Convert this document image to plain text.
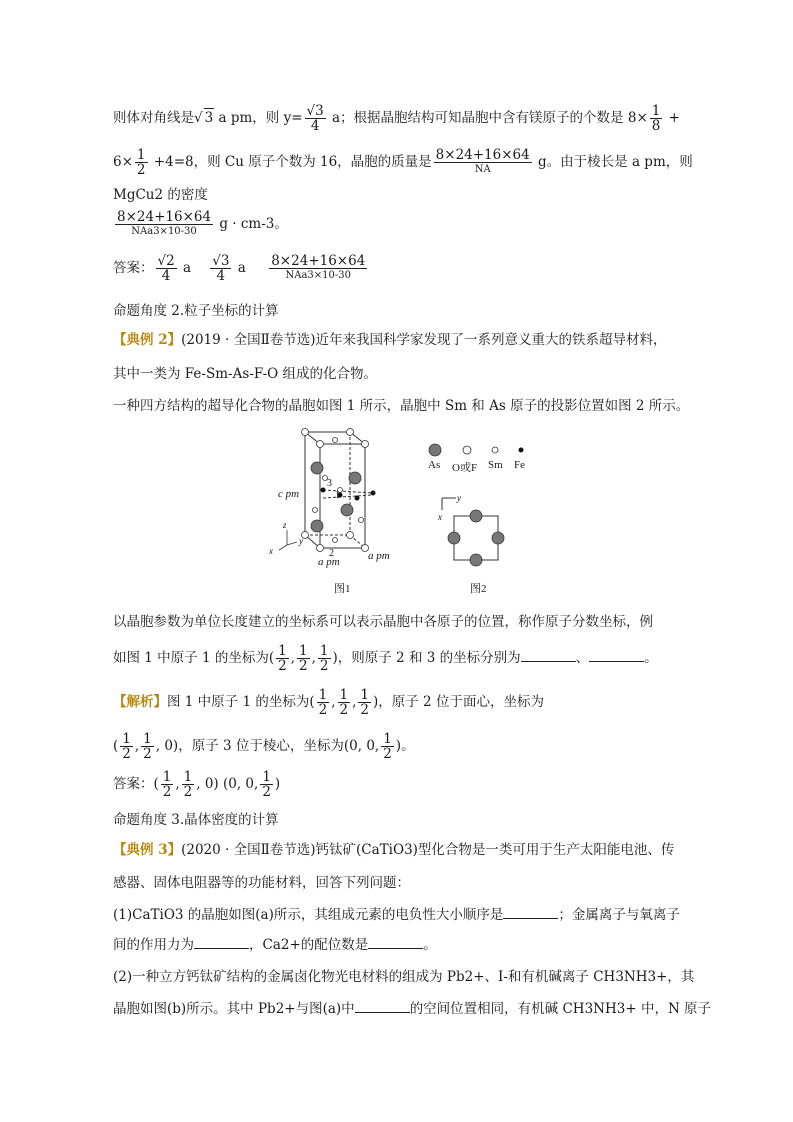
则体对角线是√ 3 a pm，则 $y= \frac{√3}{4}$ a；根据晶胞结构可知晶胞中含有镁原子的个数是 $8\times \frac{1}{8}$ +
$6\times \frac{1}{2} +4=8$，则 Cu 原子个数为 16，晶胞的质量是 $\frac{8\times 24+16\times 64}{NA}$ g。由于棱长是 a pm，则
MgCu2 的密度
$\frac{8\times 24+16\times 64}{\text{NAa3×10-30}}$ g · cm-3。
答案： $\frac{√2}{4}$ a $\frac{√3}{4}$ a $\frac{8\times 24+16\times 64}{\text{NAa3×10-30}}$
命题角度 2.粒子坐标的计算
【典例 2】(2019 · 全国Ⅱ卷节选)近年来我国科学家发现了一系列意义重大的铁系超导材料，
其中一类为 Fe-Sm-As-F-O 组成的化合物。
一种四方结构的超导化合物的晶胞如图 1 所示，晶胞中 Sm 和 As 原子的投影位置如图 2 所示。
3
1
2
z
y
x
c pm
a pm	a pm
图1
As O或F Sm Fe
y
x
图2
以晶胞参数为单位长度建立的坐标系可以表示晶胞中各原子的位置，称作原子分数坐标，例
如图 1 中原子 1 的坐标为( $\frac{1}{2}$ , $\frac{1}{2}$ , $\frac{1}{2}$ )，则原子 2 和 3 的坐标分别为	、	。
【解析】图 1 中原子 1 的坐标为( $\frac{1}{2}$ , $\frac{1}{2}$ , $\frac{1}{2}$ )，原子 2 位于面心，坐标为
( $\frac{1}{2}$ , $\frac{1}{2}$ , 0)，原子 3 位于棱心，坐标为(0, 0, $\frac{1}{2}$ )。
答案：( $\frac{1}{2}$ , $\frac{1}{2}$ , 0) (0, 0, $\frac{1}{2}$ )
命题角度 3.晶体密度的计算
【典例 3】(2020 · 全国Ⅱ卷节选)钙钛矿(CaTiO3)型化合物是一类可用于生产太阳能电池、传
感器、固体电阻器等的功能材料，回答下列问题：
(1)CaTiO3 的晶胞如图(a)所示，其组成元素的电负性大小顺序是	；金属离子与氧离子
间的作用力为	，Ca2+的配位数是	。
(2)一种立方钙钛矿结构的金属卤化物光电材料的组成为 Pb2+、I-和有机碱离子 CH3NH3+，其
晶胞如图(b)所示。其中 Pb2+与图(a)中	的空间位置相同，有机碱 CH3NH3+ 中，N 原子
